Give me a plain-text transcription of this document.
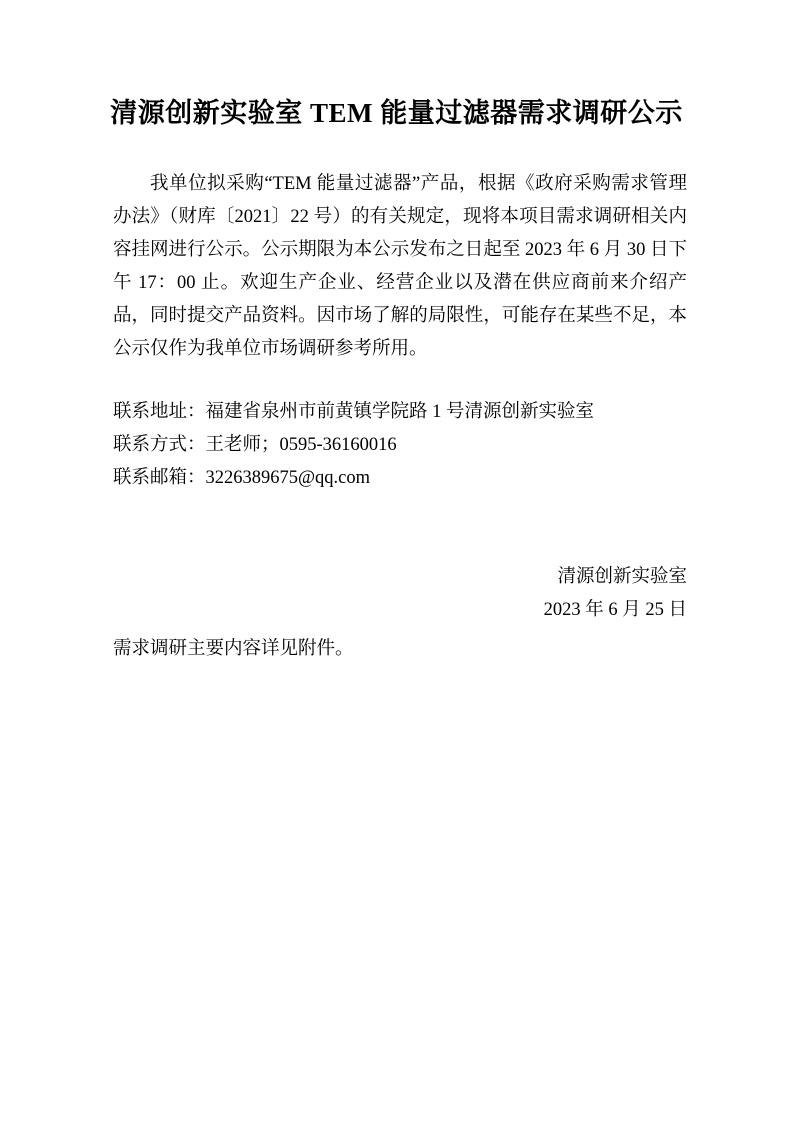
清源创新实验室 TEM 能量过滤器需求调研公示

我单位拟采购“TEM 能量过滤器”产品，根据《政府采购需求管理办法》（财库〔2021〕22 号）的有关规定，现将本项目需求调研相关内容挂网进行公示。公示期限为本公示发布之日起至 2023 年 6 月 30 日下午 17：00 止。欢迎生产企业、经营企业以及潜在供应商前来介绍产品，同时提交产品资料。因市场了解的局限性，可能存在某些不足，本公示仅作为我单位市场调研参考所用。

联系地址：福建省泉州市前黄镇学院路 1 号清源创新实验室

联系方式：王老师；0595-36160016

联系邮箱：3226389675@qq.com

清源创新实验室

2023 年 6 月 25 日

需求调研主要内容详见附件。
